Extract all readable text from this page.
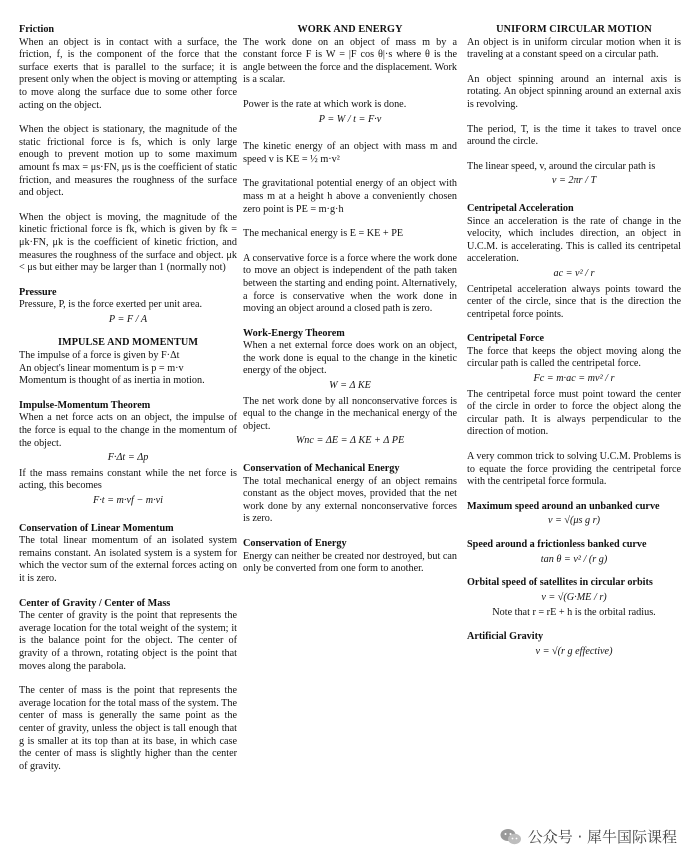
Friction

When an object is in contact with a surface, the friction, f, is the component of the force that the surface exerts that is parallel to the surface; it is present only when the object is moving or attempting to move along the surface due to some other force acting on the object.

When the object is stationary, the magnitude of the static frictional force is fs, which is only large enough to prevent motion up to some maximum amount fs max = μs·FN, μs is the coefficient of static friction, and measures the roughness of the surface and object.

When the object is moving, the magnitude of the kinetic frictional force is fk, which is given by fk = μk·FN, μk is the coefficient of kinetic friction, and measures the roughness of the surface and object. μk < μs but either may be larger than 1 (normally not)

Pressure

Pressure, P, is the force exerted per unit area.

P = F / A

IMPULSE AND MOMENTUM

The impulse of a force is given by F·Δt

An object's linear momentum is p = m·v

Momentum is thought of as inertia in motion.

Impulse-Momentum Theorem

When a net force acts on an object, the impulse of the force is equal to the change in the momentum of the object.

F·Δt = Δp

If the mass remains constant while the net force is acting, this becomes

F·t = m·vf − m·vi

Conservation of Linear Momentum

The total linear momentum of an isolated system remains constant. An isolated system is a system for which the vector sum of the external forces acting on it is zero.

Center of Gravity / Center of Mass

The center of gravity is the point that represents the average location for the total weight of the system; it is the balance point for the object. The center of gravity of a thrown, rotating object is the point that moves along the parabola.

The center of mass is the point that represents the average location for the total mass of the system. The center of mass is generally the same point as the center of gravity, unless the object is tall enough that g is smaller at its top than at its base, in which case the center of mass is slightly higher than the center of gravity.

WORK AND ENERGY

The work done on an object of mass m by a constant force F is W = |F cos θ|·s where θ is the angle between the force and the displacement. Work is a scalar.

Power is the rate at which work is done.

P = W / t = F·v

The kinetic energy of an object with mass m and speed v is KE = ½ m·v²

The gravitational potential energy of an object with mass m at a height h above a conveniently chosen zero point is PE = m·g·h

The mechanical energy is E = KE + PE

A conservative force is a force where the work done to move an object is independent of the path taken between the starting and ending point. Alternatively, a force is conservative when the work done in moving an object around a closed path is zero.

Work-Energy Theorem

When a net external force does work on an object, the work done is equal to the change in the kinetic energy of the object.

W = Δ KE

The net work done by all nonconservative forces is equal to the change in the mechanical energy of the object.

Wnc = ΔE = Δ KE + Δ PE

Conservation of Mechanical Energy

The total mechanical energy of an object remains constant as the object moves, provided that the net work done by any external nonconservative forces is zero.

Conservation of Energy

Energy can neither be created nor destroyed, but can only be converted from one form to another.

UNIFORM CIRCULAR MOTION

An object is in uniform circular motion when it is traveling at a constant speed on a circular path.

An object spinning around an internal axis is rotating. An object spinning around an external axis is revolving.

The period, T, is the time it takes to travel once around the circle.

The linear speed, v, around the circular path is

v = 2πr / T

Centripetal Acceleration

Since an acceleration is the rate of change in the velocity, which includes direction, an object in U.C.M. is accelerating. This is called its centripetal acceleration.

ac = v² / r

Centripetal acceleration always points toward the center of the circle, since that is the direction the centripetal force points.

Centripetal Force

The force that keeps the object moving along the circular path is called the centripetal force.

Fc = m·ac = mv² / r

The centripetal force must point toward the center of the circle in order to force the object along the circular path. It is always perpendicular to the direction of motion.

A very common trick to solving U.C.M. Problems is to equate the force providing the centripetal force with the centripetal force formula.

Maximum speed around an unbanked curve

v = √(μs g r)

Speed around a frictionless banked curve

tan θ = v² / (r g)

Orbital speed of satellites in circular orbits

v = √(G·ME / r)

Note that r = rE + h is the orbital radius.

Artificial Gravity

v = √(r g effective)

公众号 · 犀牛国际课程
